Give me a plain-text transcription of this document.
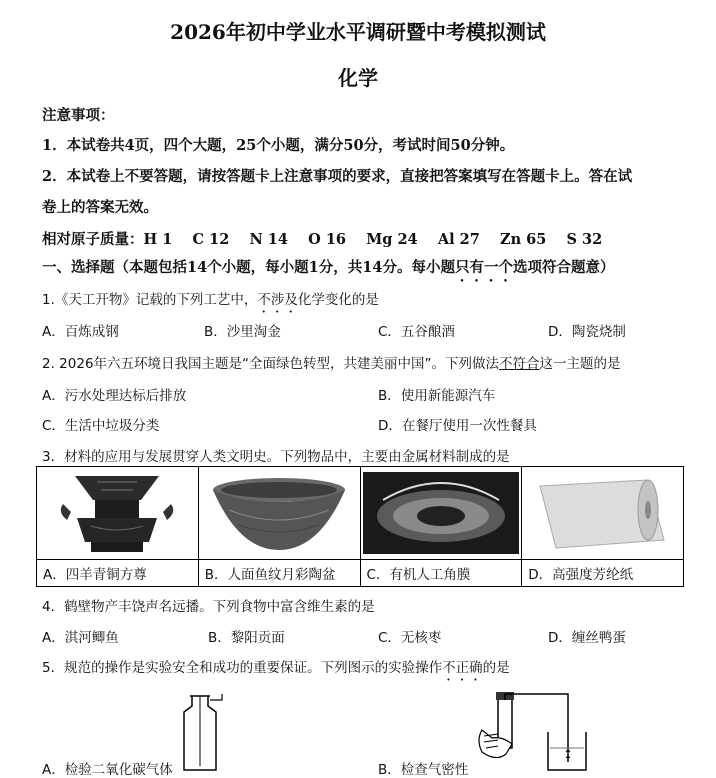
2026年初中学业水平调研暨中考模拟测试
化学
注意事项：
1．本试卷共4页，四个大题，25个小题，满分50分，考试时间50分钟。
2．本试卷上不要答题，请按答题卡上注意事项的要求，直接把答案填写在答题卡上。答在试
卷上的答案无效。
相对原子质量：H 1    C 12    N 14    O 16    Mg 24    Al 27    Zn 65    S 32
一、选择题（本题包括14个小题，每小题1分，共14分。每小题只有一个选项符合题意）
1.《天工开物》记载的下列工艺中，不涉及化学变化的是
A．百炼成钢	B．沙里淘金	C．五谷酿酒	D．陶瓷烧制
2. 2026年六五环境日我国主题是“全面绿色转型，共建美丽中国”。下列做法不符合这一主题的是
A．污水处理达标后排放	B．使用新能源汽车
C．生活中垃圾分类	D．在餐厅使用一次性餐具
3．材料的应用与发展贯穿人类文明史。下列物品中，主要由金属材料制成的是

A．四羊青铜方尊	B．人面鱼纹月彩陶盆	C．有机人工角膜	D．高强度芳纶纸
4．鹤壁物产丰饶声名远播。下列食物中富含维生素的是
A．淇河鲫鱼	B．黎阳贡面	C．无核枣	D．缠丝鸭蛋
5．规范的操作是实验安全和成功的重要保证。下列图示的实验操作不正确的是
A．检验二氧化碳气体	B．检查气密性
